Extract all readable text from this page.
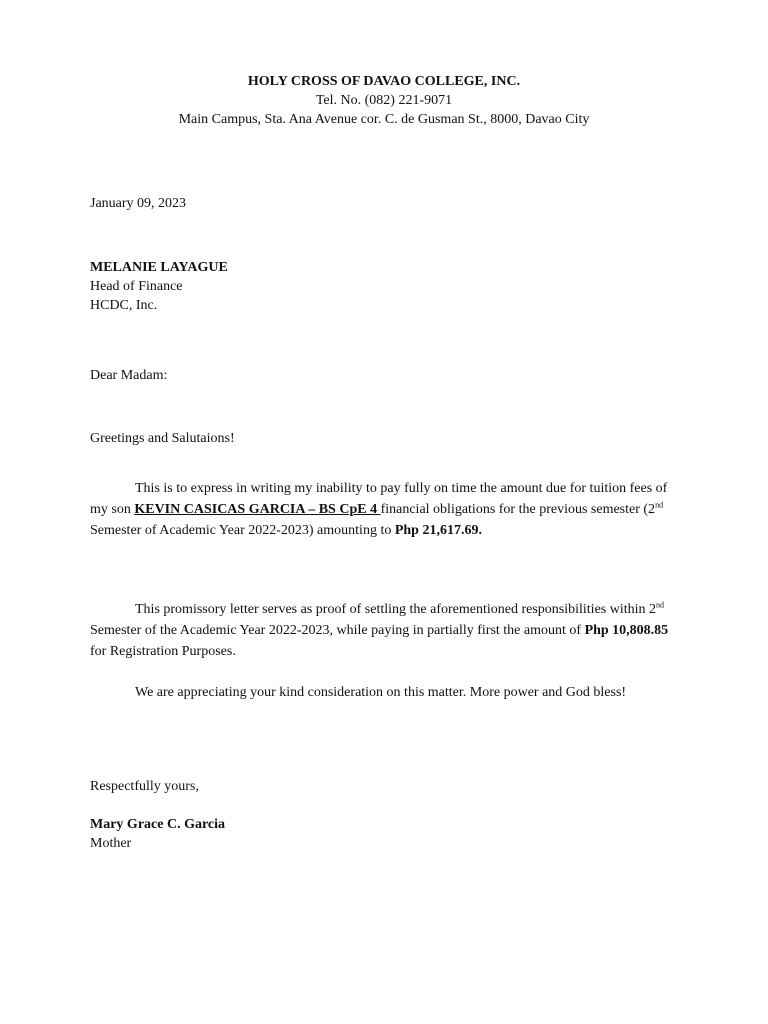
HOLY CROSS OF DAVAO COLLEGE, INC.
Tel. No. (082) 221-9071
Main Campus, Sta. Ana Avenue cor. C. de Gusman St., 8000, Davao City
January 09, 2023
MELANIE LAYAGUE
Head of Finance
HCDC, Inc.
Dear Madam:
Greetings and Salutaions!
This is to express in writing my inability to pay fully on time the amount due for tuition fees of my son KEVIN CASICAS GARCIA – BS CpE 4 financial obligations for the previous semester (2nd Semester of Academic Year 2022-2023) amounting to Php 21,617.69.
This promissory letter serves as proof of settling the aforementioned responsibilities within 2nd Semester of the Academic Year 2022-2023, while paying in partially first the amount of Php 10,808.85 for Registration Purposes.
We are appreciating your kind consideration on this matter. More power and God bless!
Respectfully yours,
Mary Grace C. Garcia
Mother
